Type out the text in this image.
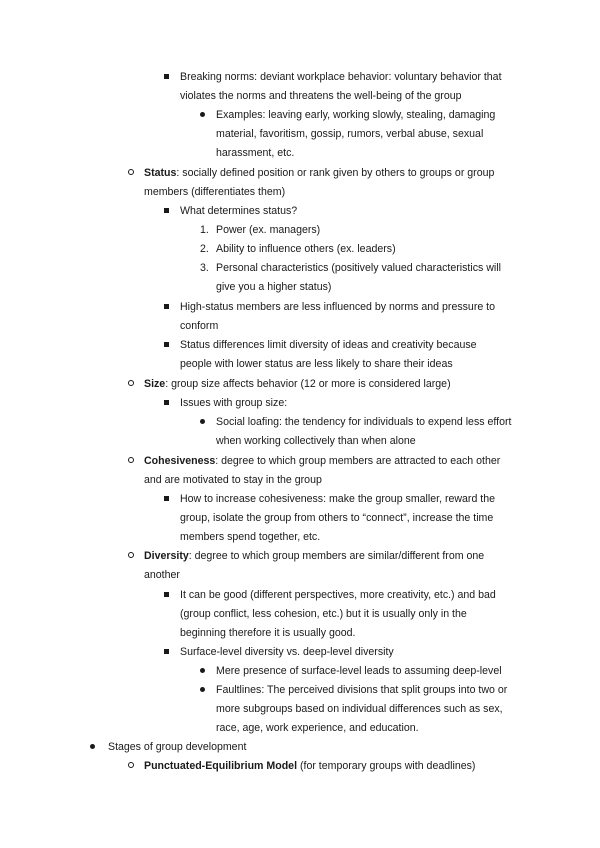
Breaking norms: deviant workplace behavior: voluntary behavior that
violates the norms and threatens the well-being of the group
Examples: leaving early, working slowly, stealing, damaging
material, favoritism, gossip, rumors, verbal abuse, sexual
harassment, etc.
Status: socially defined position or rank given by others to groups or group
members (differentiates them)
What determines status?
1. Power (ex. managers)
2. Ability to influence others (ex. leaders)
3. Personal characteristics (positively valued characteristics will
give you a higher status)
High-status members are less influenced by norms and pressure to
conform
Status differences limit diversity of ideas and creativity because
people with lower status are less likely to share their ideas
Size: group size affects behavior (12 or more is considered large)
Issues with group size:
Social loafing: the tendency for individuals to expend less effort
when working collectively than when alone
Cohesiveness: degree to which group members are attracted to each other
and are motivated to stay in the group
How to increase cohesiveness: make the group smaller, reward the
group, isolate the group from others to “connect”, increase the time
members spend together, etc.
Diversity: degree to which group members are similar/different from one
another
It can be good (different perspectives, more creativity, etc.) and bad
(group conflict, less cohesion, etc.) but it is usually only in the
beginning therefore it is usually good.
Surface-level diversity vs. deep-level diversity
Mere presence of surface-level leads to assuming deep-level
Faultlines: The perceived divisions that split groups into two or
more subgroups based on individual differences such as sex,
race, age, work experience, and education.
Stages of group development
Punctuated-Equilibrium Model (for temporary groups with deadlines)
